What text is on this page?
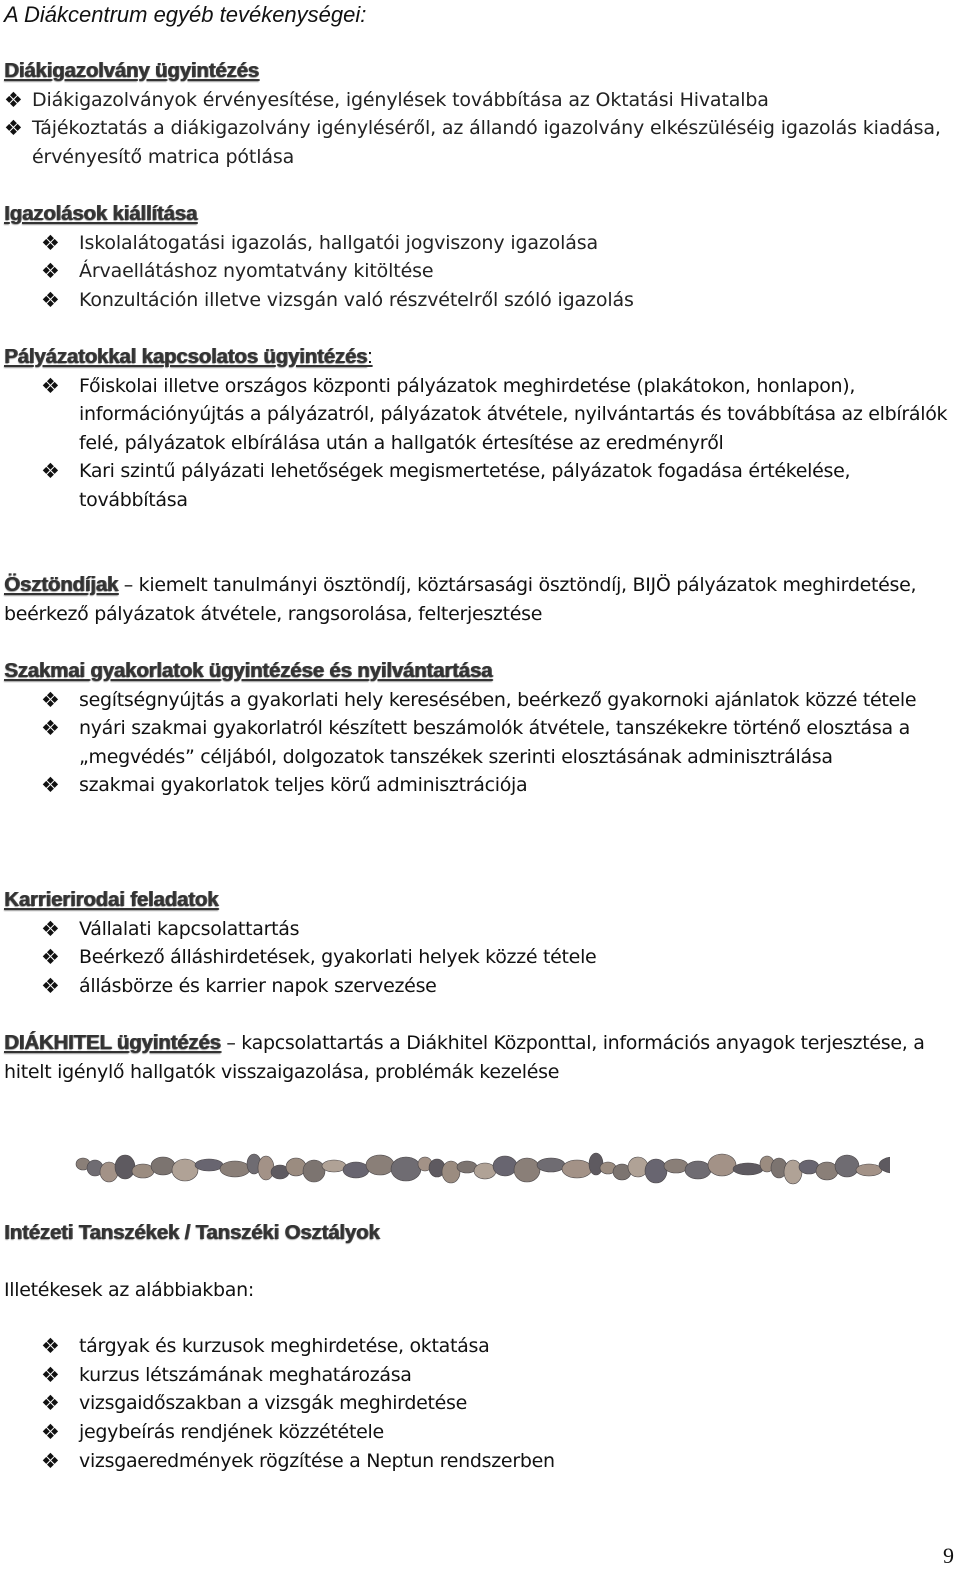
A Diákcentrum egyéb tevékenységei:
Diákigazolvány ügyintézés
❖ Diákigazolványok érvényesítése, igénylések továbbítása az Oktatási Hivatalba
❖ Tájékoztatás a diákigazolvány igényléséről, az állandó igazolvány elkészüléséig igazolás kiadása, érvényesítő matrica pótlása
Igazolások kiállítása
❖ Iskolalátogatási igazolás, hallgatói jogviszony igazolása
❖ Árvaellátáshoz nyomtatvány kitöltése
❖ Konzultáción illetve vizsgán való részvételről szóló igazolás
Pályázatokkal kapcsolatos ügyintézés:
❖ Főiskolai illetve országos központi pályázatok meghirdetése (plakátokon, honlapon), információnyújtás a pályázatról, pályázatok átvétele, nyilvántartás és továbbítása az elbírálók felé, pályázatok elbírálása után a hallgatók értesítése az eredményről
❖ Kari szintű pályázati lehetőségek megismertetése, pályázatok fogadása értékelése, továbbítása
Ösztöndíjak – kiemelt tanulmányi ösztöndíj, köztársasági ösztöndíj, BIJÖ pályázatok meghirdetése, beérkező pályázatok átvétele, rangsorolása, felterjesztése
Szakmai gyakorlatok ügyintézése és nyilvántartása
❖ segítségnyújtás a gyakorlati hely keresésében, beérkező gyakornoki ajánlatok közzé tétele
❖ nyári szakmai gyakorlatról készített beszámolók átvétele, tanszékekre történő elosztása a „megvédés” céljából, dolgozatok tanszékek szerinti elosztásának adminisztrálása
❖ szakmai gyakorlatok teljes körű adminisztrációja
Karrierirodai feladatok
❖ Vállalati kapcsolattartás
❖ Beérkező álláshirdetések, gyakorlati helyek közzé tétele
❖ állásbörze és karrier napok szervezése
DIÁKHITEL ügyintézés – kapcsolattartás a Diákhitel Központtal, információs anyagok terjesztése, a hitelt igénylő hallgatók visszaigazolása, problémák kezelése
Intézeti Tanszékek / Tanszéki Osztályok
Illetékesek az alábbiakban:
❖ tárgyak és kurzusok meghirdetése, oktatása
❖ kurzus létszámának meghatározása
❖ vizsgaidőszakban a vizsgák meghirdetése
❖ jegybeírás rendjének közzététele
❖ vizsgaeredmények rögzítése a Neptun rendszerben
9
